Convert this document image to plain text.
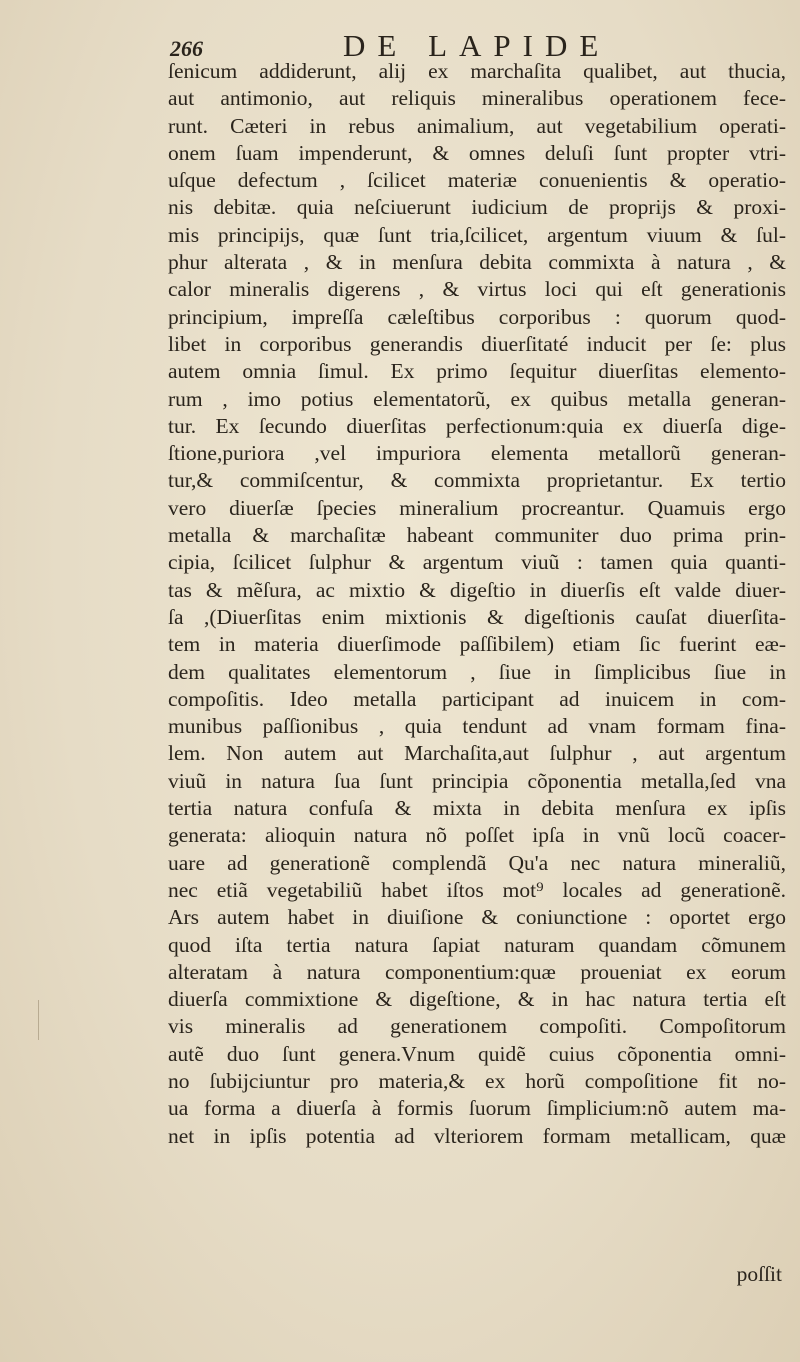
266	DE LAPIDE
ſenicum addiderunt, alij ex marchaſita qualibet, aut thucia,
aut antimonio, aut reliquis mineralibus operationem fece-
runt. Cæteri in rebus animalium, aut vegetabilium operati-
onem ſuam impenderunt, & omnes deluſi ſunt propter vtri-
uſque defectum , ſcilicet materiæ conuenientis & operatio-
nis debitæ. quia neſciuerunt iudicium de proprijs & proxi-
mis principijs, quæ ſunt tria,ſcilicet, argentum viuum & ſul-
phur alterata , & in menſura debita commixta à natura , &
calor mineralis digerens , & virtus loci qui eſt generationis
principium, impreſſa cæleſtibus corporibus : quorum quod-
libet in corporibus generandis diuerſitaté inducit per ſe: plus
autem omnia ſimul. Ex primo ſequitur diuerſitas elemento-
rum , imo potius elementatorũ, ex quibus metalla generan-
tur. Ex ſecundo diuerſitas perfectionum:quia ex diuerſa dige-
ſtione,puriora ,vel impuriora elementa metallorũ generan-
tur,& commiſcentur, & commixta proprietantur. Ex tertio
vero diuerſæ ſpecies mineralium procreantur. Quamuis ergo
metalla & marchaſitæ habeant communiter duo prima prin-
cipia, ſcilicet ſulphur & argentum viuũ : tamen quia quanti-
tas & mẽſura, ac mixtio & digeſtio in diuerſis eſt valde diuer-
ſa ,(Diuerſitas enim mixtionis & digeſtionis cauſat diuerſita-
tem in materia diuerſimode paſſibilem) etiam ſic fuerint eæ-
dem qualitates elementorum , ſiue in ſimplicibus ſiue in
compoſitis. Ideo metalla participant ad inuicem in com-
munibus paſſionibus , quia tendunt ad vnam formam fina-
lem. Non autem aut Marchaſita,aut ſulphur , aut argentum
viuũ in natura ſua ſunt principia cõponentia metalla,ſed vna
tertia natura confuſa & mixta in debita menſura ex ipſis
generata: alioquin natura nõ poſſet ipſa in vnũ locũ coacer-
uare ad generationẽ complendã Qu'a nec natura mineraliũ,
nec etiã vegetabiliũ habet iſtos mot⁹ locales ad generationẽ.
Ars autem habet in diuiſione & coniunctione : oportet ergo
quod iſta tertia natura ſapiat naturam quandam cõmunem
alteratam à natura componentium:quæ proueniat ex eorum
diuerſa commixtione & digeſtione, & in hac natura tertia eſt
vis mineralis ad generationem compoſiti. Compoſitorum
autẽ duo ſunt genera.Vnum quidẽ cuius cõponentia omni-
no ſubijciuntur pro materia,& ex horũ compoſitione fit no-
ua forma a diuerſa à formis ſuorum ſimplicium:nõ autem ma-
net in ipſis potentia ad vlteriorem formam metallicam, quæ
poſſit
